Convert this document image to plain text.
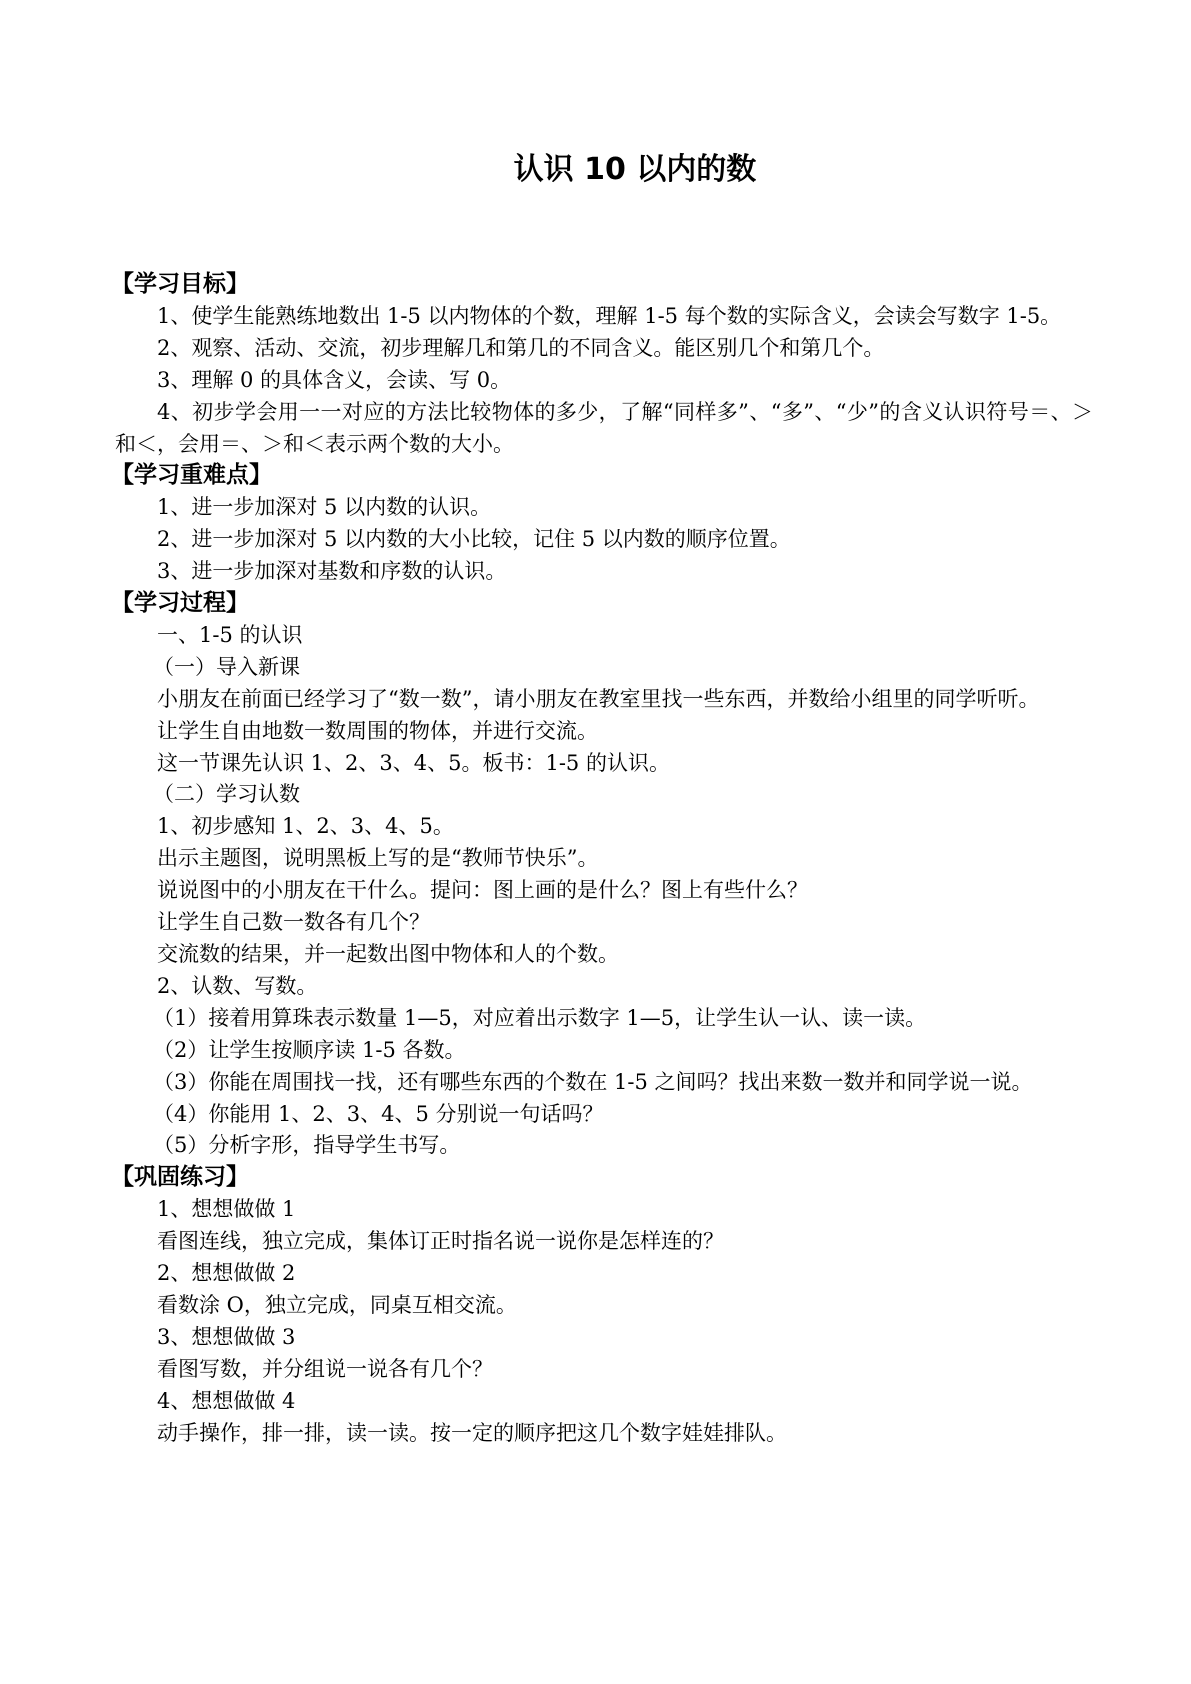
认识 10 以内的数
【学习目标】

1、使学生能熟练地数出 1-5 以内物体的个数，理解 1-5 每个数的实际含义，会读会写数字 1-5。

2、观察、活动、交流，初步理解几和第几的不同含义。能区别几个和第几个。

3、理解 0 的具体含义，会读、写 0。

4、初步学会用一一对应的方法比较物体的多少，了解“同样多”、“多”、“少”的含义认识符号＝、＞和＜，会用＝、＞和＜表示两个数的大小。

【学习重难点】

1、进一步加深对 5 以内数的认识。

2、进一步加深对 5 以内数的大小比较，记住 5 以内数的顺序位置。

3、进一步加深对基数和序数的认识。

【学习过程】

一、1-5 的认识

（一）导入新课

小朋友在前面已经学习了“数一数”，请小朋友在教室里找一些东西，并数给小组里的同学听听。

让学生自由地数一数周围的物体，并进行交流。

这一节课先认识 1、2、3、4、5。板书：1-5 的认识。

（二）学习认数

1、初步感知 1、2、3、4、5。

出示主题图，说明黑板上写的是“教师节快乐”。

说说图中的小朋友在干什么。提问：图上画的是什么？图上有些什么？

让学生自己数一数各有几个？

交流数的结果，并一起数出图中物体和人的个数。

2、认数、写数。

（1）接着用算珠表示数量 1—5，对应着出示数字 1—5，让学生认一认、读一读。

（2）让学生按顺序读 1-5 各数。

（3）你能在周围找一找，还有哪些东西的个数在 1-5 之间吗？找出来数一数并和同学说一说。

（4）你能用 1、2、3、4、5 分别说一句话吗？

（5）分析字形，指导学生书写。

【巩固练习】

1、想想做做 1

看图连线，独立完成，集体订正时指名说一说你是怎样连的？

2、想想做做 2

看数涂 O，独立完成，同桌互相交流。

3、想想做做 3

看图写数，并分组说一说各有几个？

4、想想做做 4

动手操作，排一排，读一读。按一定的顺序把这几个数字娃娃排队。
